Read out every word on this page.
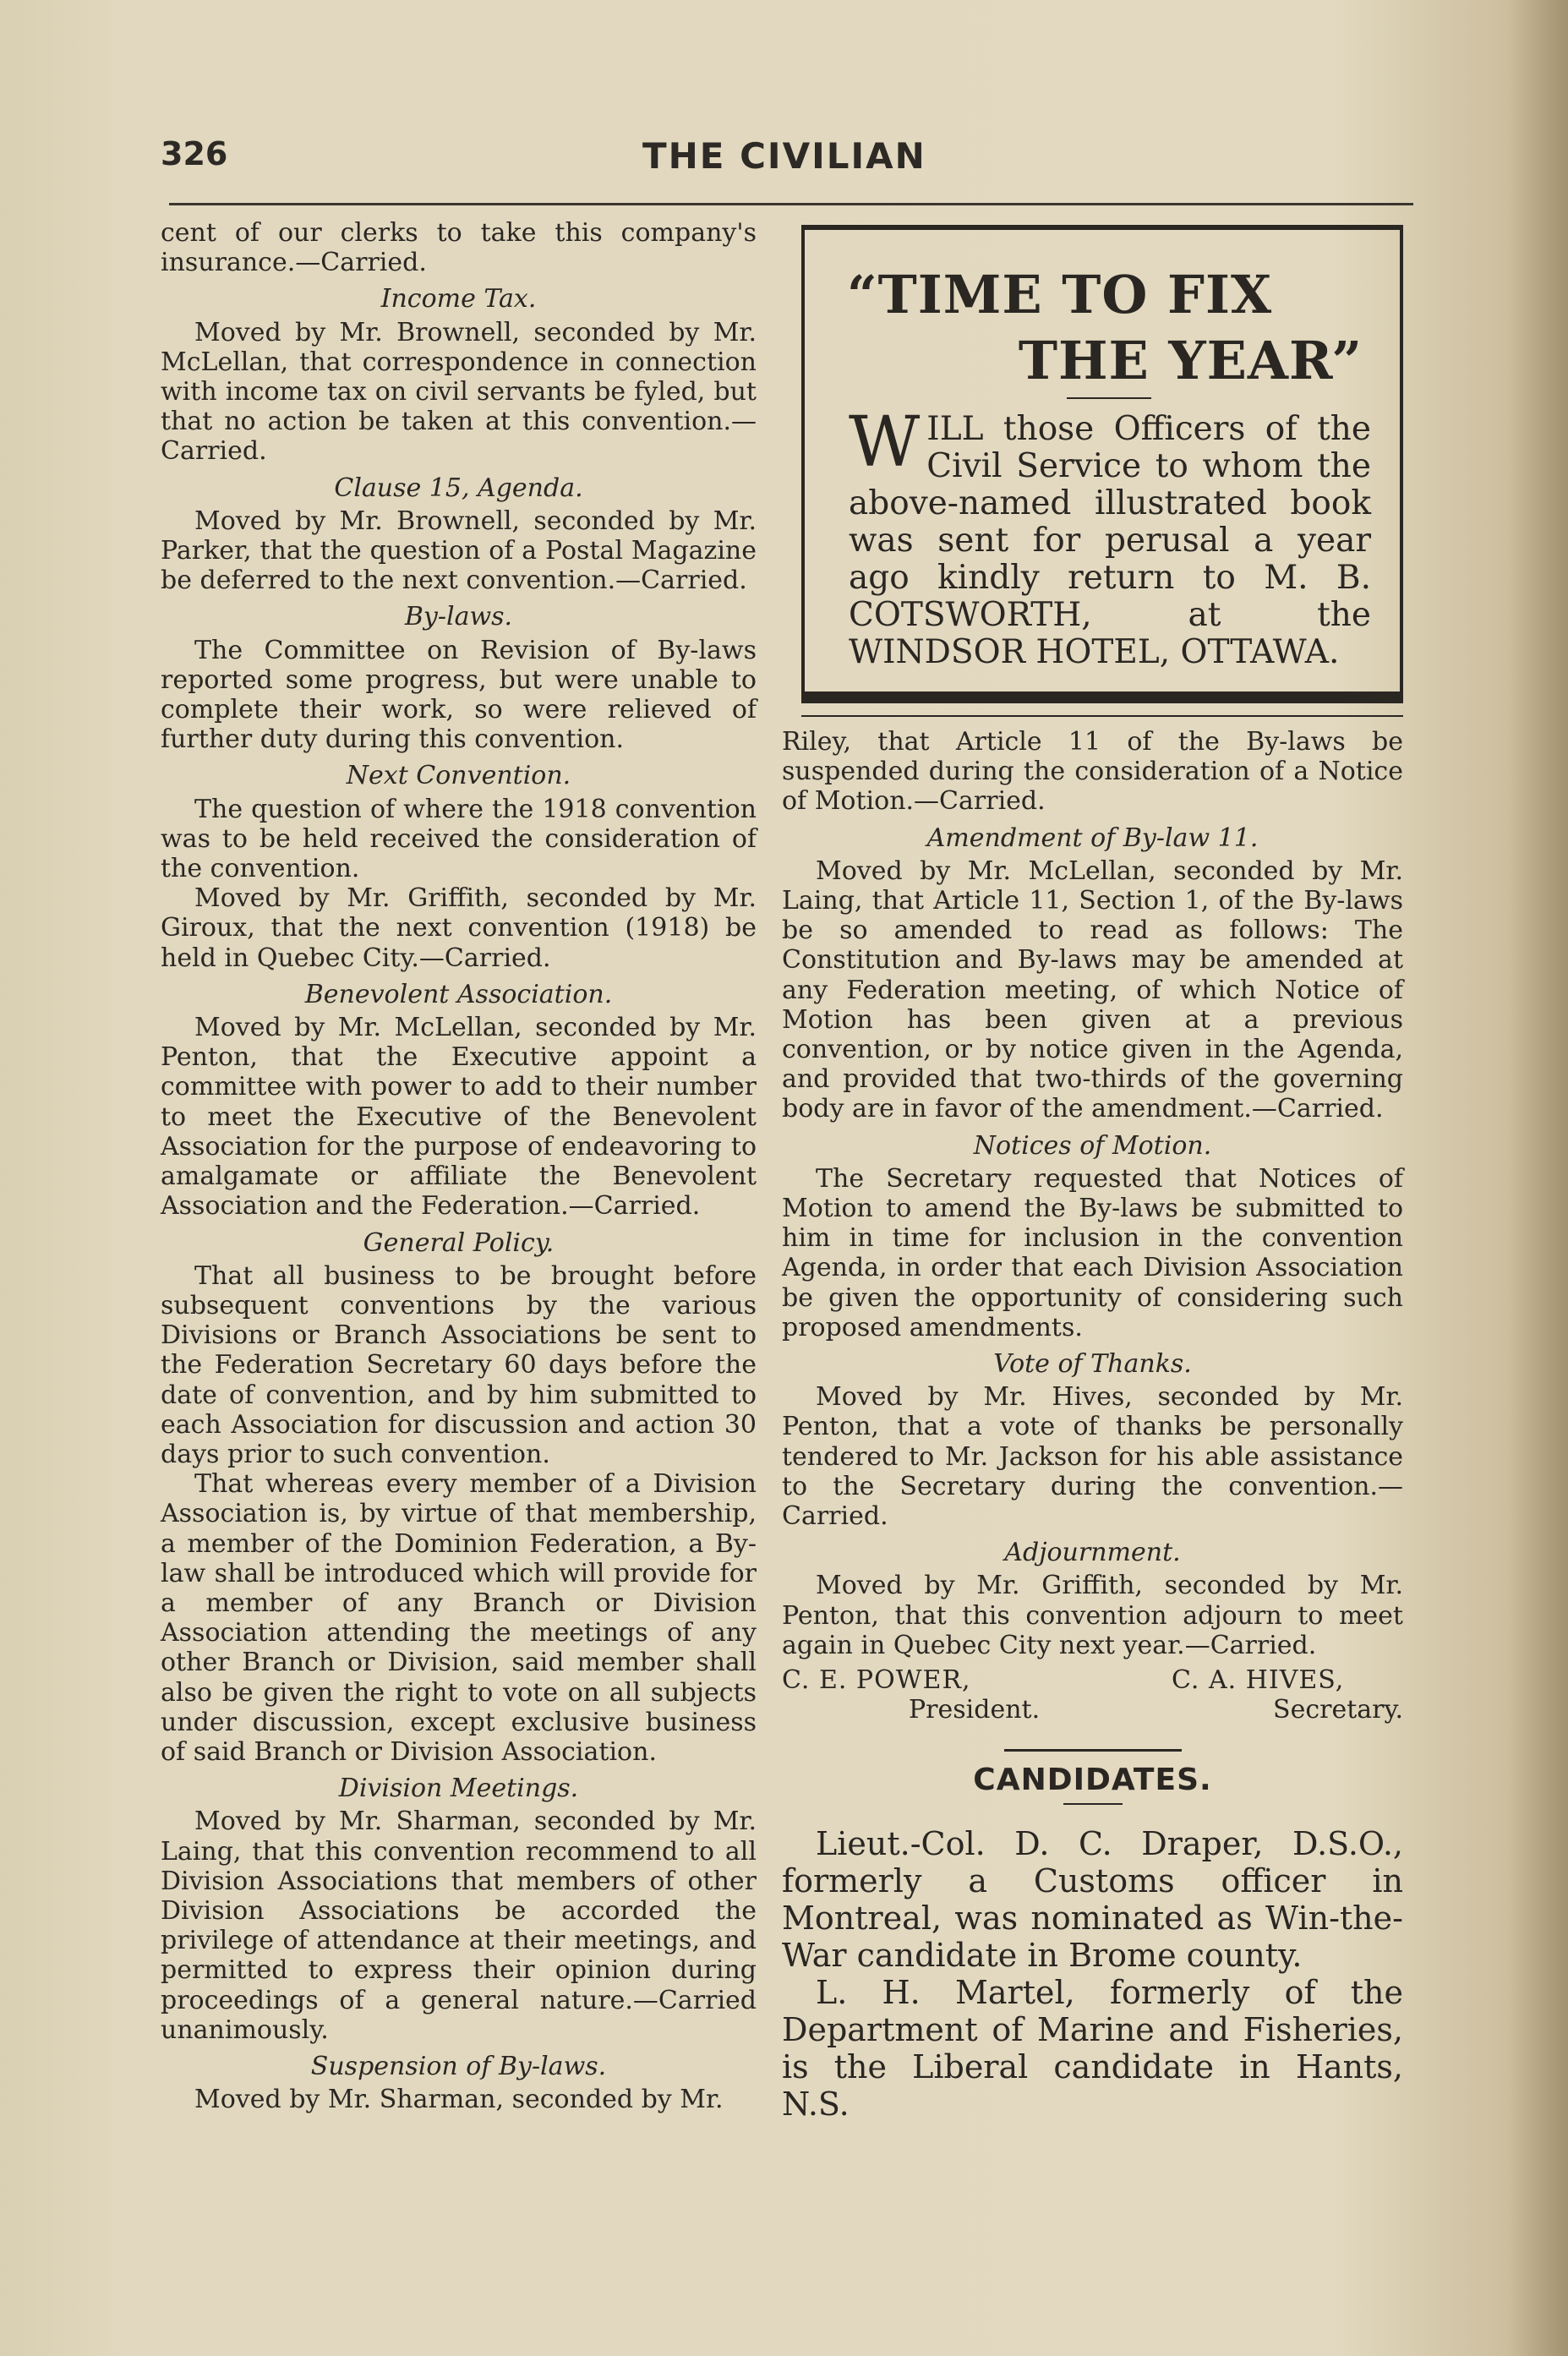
326	THE CIVILIAN

cent of our clerks to take this company's insurance.—Carried.

Income Tax.

Moved by Mr. Brownell, seconded by Mr. McLellan, that correspondence in connection with income tax on civil servants be fyled, but that no action be taken at this convention.—Carried.

Clause 15, Agenda.

Moved by Mr. Brownell, seconded by Mr. Parker, that the question of a Postal Magazine be deferred to the next convention.—Carried.

By-laws.

The Committee on Revision of By-laws reported some progress, but were unable to complete their work, so were relieved of further duty during this convention.

Next Convention.

The question of where the 1918 convention was to be held received the consideration of the convention.

Moved by Mr. Griffith, seconded by Mr. Giroux, that the next convention (1918) be held in Quebec City.—Carried.

Benevolent Association.

Moved by Mr. McLellan, seconded by Mr. Penton, that the Executive appoint a committee with power to add to their number to meet the Executive of the Benevolent Association for the purpose of endeavoring to amalgamate or affiliate the Benevolent Association and the Federation.—Carried.

General Policy.

That all business to be brought before subsequent conventions by the various Divisions or Branch Associations be sent to the Federation Secretary 60 days before the date of convention, and by him submitted to each Association for discussion and action 30 days prior to such convention.

That whereas every member of a Division Association is, by virtue of that membership, a member of the Dominion Federation, a By-law shall be introduced which will provide for a member of any Branch or Division Association attending the meetings of any other Branch or Division, said member shall also be given the right to vote on all subjects under discussion, except exclusive business of said Branch or Division Association.

Division Meetings.

Moved by Mr. Sharman, seconded by Mr. Laing, that this convention recommend to all Division Associations that members of other Division Associations be accorded the privilege of attendance at their meetings, and permitted to express their opinion during proceedings of a general nature.—Carried unanimously.

Suspension of By-laws.

Moved by Mr. Sharman, seconded by Mr.

“TIME TO FIX
THE YEAR”
WILL those Officers of the Civil Service to whom the above-named illustrated book was sent for perusal a year ago kindly return to M. B. COTSWORTH, at the WINDSOR HOTEL, OTTAWA.

Riley, that Article 11 of the By-laws be suspended during the consideration of a Notice of Motion.—Carried.

Amendment of By-law 11.

Moved by Mr. McLellan, seconded by Mr. Laing, that Article 11, Section 1, of the By-laws be so amended to read as follows: The Constitution and By-laws may be amended at any Federation meeting, of which Notice of Motion has been given at a previous convention, or by notice given in the Agenda, and provided that two-thirds of the governing body are in favor of the amendment.—Carried.

Notices of Motion.

The Secretary requested that Notices of Motion to amend the By-laws be submitted to him in time for inclusion in the convention Agenda, in order that each Division Association be given the opportunity of considering such proposed amendments.

Vote of Thanks.

Moved by Mr. Hives, seconded by Mr. Penton, that a vote of thanks be personally tendered to Mr. Jackson for his able assistance to the Secretary during the convention.—Carried.

Adjournment.

Moved by Mr. Griffith, seconded by Mr. Penton, that this convention adjourn to meet again in Quebec City next year.—Carried.

C. E. POWER,
President.
C. A. HIVES,
Secretary.
CANDIDATES.

Lieut.-Col. D. C. Draper, D.S.O., formerly a Customs officer in Montreal, was nominated as Win-the-War candidate in Brome county.

L. H. Martel, formerly of the Department of Marine and Fisheries, is the Liberal candidate in Hants, N.S.
